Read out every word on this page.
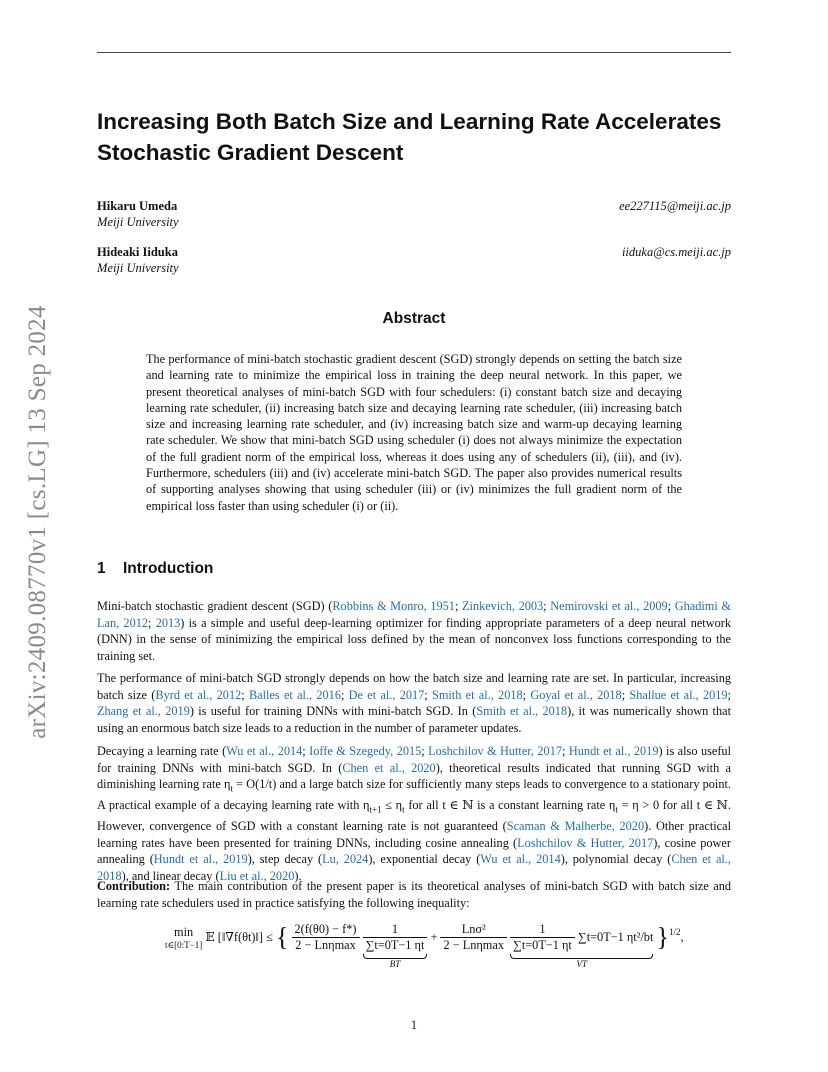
arXiv:2409.08770v1 [cs.LG] 13 Sep 2024
Increasing Both Batch Size and Learning Rate Accelerates Stochastic Gradient Descent
Hikaru Umeda
Meiji University
ee227115@meiji.ac.jp
Hideaki Iiduka
Meiji University
iiduka@cs.meiji.ac.jp
Abstract

The performance of mini-batch stochastic gradient descent (SGD) strongly depends on setting the batch size and learning rate to minimize the empirical loss in training the deep neural network. In this paper, we present theoretical analyses of mini-batch SGD with four schedulers: (i) constant batch size and decaying learning rate scheduler, (ii) increasing batch size and decaying learning rate scheduler, (iii) increasing batch size and increasing learning rate scheduler, and (iv) increasing batch size and warm-up decaying learning rate scheduler. We show that mini-batch SGD using scheduler (i) does not always minimize the expectation of the full gradient norm of the empirical loss, whereas it does using any of schedulers (ii), (iii), and (iv). Furthermore, schedulers (iii) and (iv) accelerate mini-batch SGD. The paper also provides numerical results of supporting analyses showing that using scheduler (iii) or (iv) minimizes the full gradient norm of the empirical loss faster than using scheduler (i) or (ii).

1 Introduction

Mini-batch stochastic gradient descent (SGD) (Robbins & Monro, 1951; Zinkevich, 2003; Nemirovski et al., 2009; Ghadimi & Lan, 2012; 2013) is a simple and useful deep-learning optimizer for finding appropriate parameters of a deep neural network (DNN) in the sense of minimizing the empirical loss defined by the mean of nonconvex loss functions corresponding to the training set.

The performance of mini-batch SGD strongly depends on how the batch size and learning rate are set. In particular, increasing batch size (Byrd et al., 2012; Balles et al., 2016; De et al., 2017; Smith et al., 2018; Goyal et al., 2018; Shallue et al., 2019; Zhang et al., 2019) is useful for training DNNs with mini-batch SGD. In (Smith et al., 2018), it was numerically shown that using an enormous batch size leads to a reduction in the number of parameter updates.

Decaying a learning rate (Wu et al., 2014; Ioffe & Szegedy, 2015; Loshchilov & Hutter, 2017; Hundt et al., 2019) is also useful for training DNNs with mini-batch SGD. In (Chen et al., 2020), theoretical results indicated that running SGD with a diminishing learning rate $\eta_t = O(1/t)$ and a large batch size for sufficiently many steps leads to convergence to a stationary point. A practical example of a decaying learning rate with $\eta_{t+1} \le \eta_t$ for all t ∈ ℕ is a constant learning rate $\eta_t = \eta > 0$ for all t ∈ ℕ. However, convergence of SGD with a constant learning rate is not guaranteed (Scaman & Malherbe, 2020). Other practical learning rates have been presented for training DNNs, including cosine annealing (Loshchilov & Hutter, 2017), cosine power annealing (Hundt et al., 2019), step decay (Lu, 2024), exponential decay (Wu et al., 2014), polynomial decay (Chen et al., 2018), and linear decay (Liu et al., 2020).

Contribution: The main contribution of the present paper is its theoretical analyses of mini-batch SGD with batch size and learning rate schedulers used in practice satisfying the following inequality:

min
t∈[0:T−1]
𝔼 [‖∇f(θt)‖] ≤ { $\frac{2(f(\theta 0) - f*)}{\text{2 − Lnηmax}}$
$\frac{1}{\sum t=0T-1 \eta t}$
BT
+ $\frac{\text{Lnσ²}}{\text{2 − Lnηmax}}$
$\frac{1}{\sum t=0T-1 \eta t} \sum t=0T-1$ ηt²/bt
VT
}$^{1/2}$,
1
